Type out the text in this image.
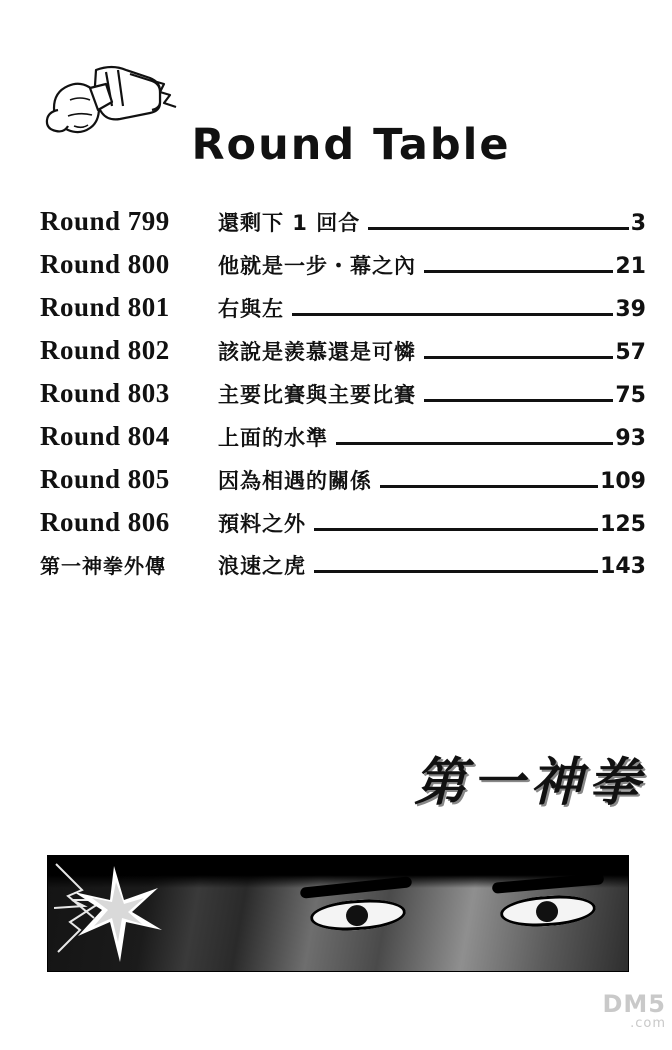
Round Table
Round 799	還剩下 1 回合	3
Round 800	他就是一步・幕之內	21
Round 801	右與左	39
Round 802	該說是羨慕還是可憐	57
Round 803	主要比賽與主要比賽	75
Round 804	上面的水準	93
Round 805	因為相遇的關係	109
Round 806	預料之外	125
第一神拳外傳	浪速之虎	143
第一神拳
DM5
.com
